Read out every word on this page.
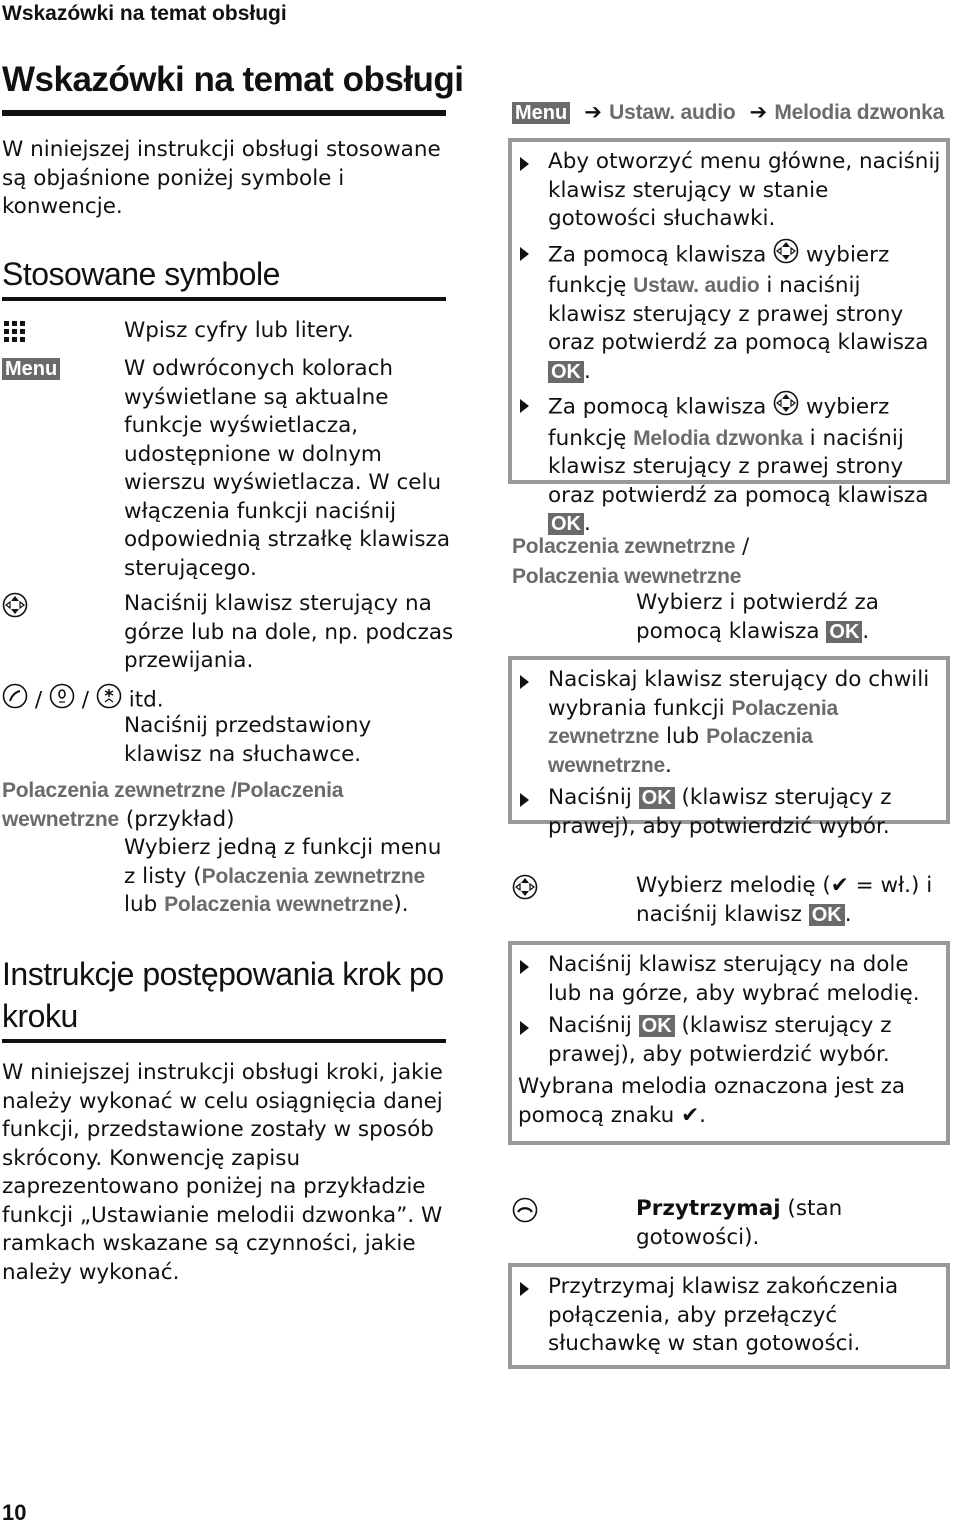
Wskazówki na temat obsługi
Wskazówki na temat obsługi
W niniejszej instrukcji obsługi stosowane są objaśnione poniżej symbole i konwencje.
Stosowane symbole
Wpisz cyfry lub litery.
Menu	W odwróconych kolorach wyświetlane są aktualne funkcje wyświetlacza, udostępnione w dolnym wierszu wyświetlacza. W celu włączenia funkcji naciśnij odpowiednią strzałkę klawisza sterującego.
Naciśnij klawisz sterujący na górze lub na dole, np. podczas przewijania.
/ / itd.
Naciśnij przedstawiony klawisz na słuchawce.
Polaczenia zewnetrzne /Polaczenia wewnetrzne (przykład)
Wybierz jedną z funkcji menu z listy (Polaczenia zewnetrzne lub Polaczenia wewnetrzne).
Instrukcje postępowania krok po kroku
W niniejszej instrukcji obsługi kroki, jakie należy wykonać w celu osiągnięcia danej funkcji, przedstawione zostały w sposób skrócony. Konwencję zapisu zaprezentowano poniżej na przykładzie funkcji „Ustawianie melodii dzwonka”. W ramkach wskazane są czynności, jakie należy wykonać.
10
Menu  ➔ Ustaw. audio  ➔ Melodia dzwonka
Aby otworzyć menu główne, naciśnij klawisz sterujący w stanie gotowości słuchawki.
Za pomocą klawisza wybierz funkcję Ustaw. audio i naciśnij klawisz sterujący z prawej strony oraz potwierdź za pomocą klawisza OK .
Za pomocą klawisza wybierz funkcję Melodia dzwonka i naciśnij klawisz sterujący z prawej strony oraz potwierdź za pomocą klawisza OK .
Polaczenia zewnetrzne / Polaczenia wewnetrzne
Wybierz i potwierdź za pomocą klawisza OK .
Naciskaj klawisz sterujący do chwili wybrania funkcji Polaczenia zewnetrzne lub Polaczenia wewnetrzne.
Naciśnij OK (klawisz sterujący z prawej), aby potwierdzić wybór.
Wybierz melodię (✔ = wł.) i naciśnij klawisz OK .
Naciśnij klawisz sterujący na dole lub na górze, aby wybrać melodię.
Naciśnij OK (klawisz sterujący z prawej), aby potwierdzić wybór.
Wybrana melodia oznaczona jest za pomocą znaku ✔.
Przytrzymaj (stan gotowości).
Przytrzymaj klawisz zakończenia połączenia, aby przełączyć słuchawkę w stan gotowości.
